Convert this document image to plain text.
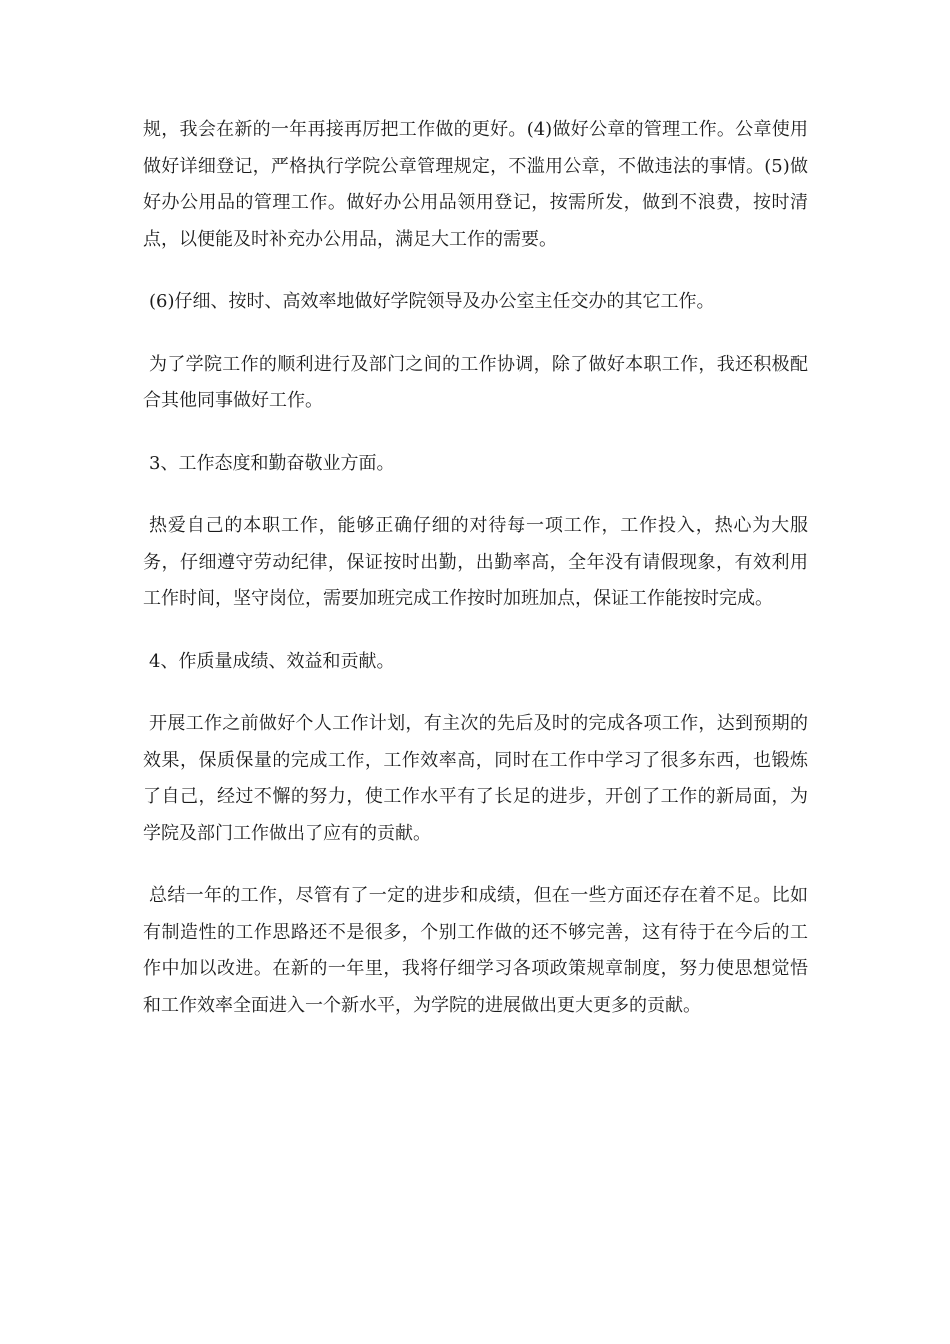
规，我会在新的一年再接再厉把工作做的更好。(4)做好公章的管理工作。公章使用做好详细登记，严格执行学院公章管理规定，不滥用公章，不做违法的事情。(5)做好办公用品的管理工作。做好办公用品领用登记，按需所发，做到不浪费，按时清点，以便能及时补充办公用品，满足大工作的需要。

(6)仔细、按时、高效率地做好学院领导及办公室主任交办的其它工作。

为了学院工作的顺利进行及部门之间的工作协调，除了做好本职工作，我还积极配合其他同事做好工作。

3、工作态度和勤奋敬业方面。

热爱自己的本职工作，能够正确仔细的对待每一项工作，工作投入，热心为大服务，仔细遵守劳动纪律，保证按时出勤，出勤率高，全年没有请假现象，有效利用工作时间，坚守岗位，需要加班完成工作按时加班加点，保证工作能按时完成。

4、作质量成绩、效益和贡献。

开展工作之前做好个人工作计划，有主次的先后及时的完成各项工作，达到预期的效果，保质保量的完成工作，工作效率高，同时在工作中学习了很多东西，也锻炼了自己，经过不懈的努力，使工作水平有了长足的进步，开创了工作的新局面，为学院及部门工作做出了应有的贡献。

总结一年的工作，尽管有了一定的进步和成绩，但在一些方面还存在着不足。比如有制造性的工作思路还不是很多，个别工作做的还不够完善，这有待于在今后的工作中加以改进。在新的一年里，我将仔细学习各项政策规章制度，努力使思想觉悟和工作效率全面进入一个新水平，为学院的进展做出更大更多的贡献。
